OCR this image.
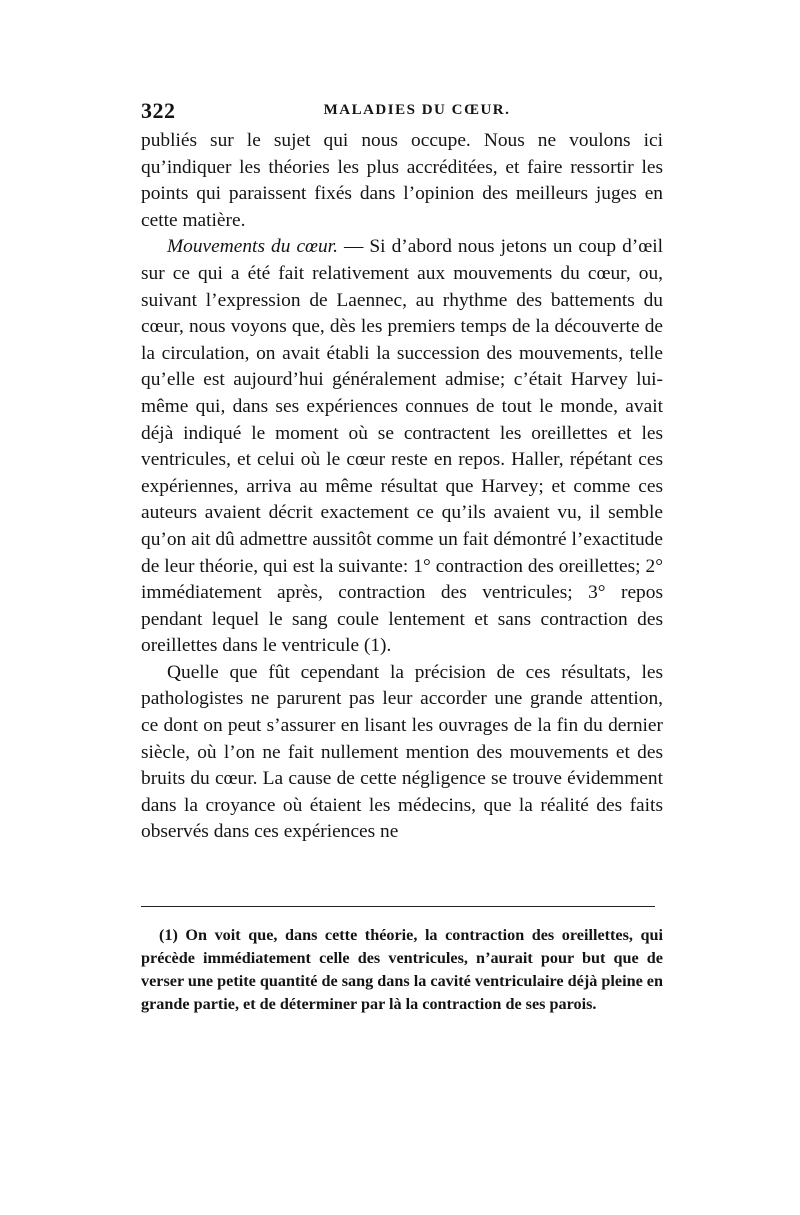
322	MALADIES DU CŒUR.

publiés sur le sujet qui nous occupe. Nous ne voulons ici qu’indiquer les théories les plus accréditées, et faire ressortir les points qui paraissent fixés dans l’opinion des meilleurs juges en cette matière.

Mouvements du cœur. — Si d’abord nous jetons un coup d’œil sur ce qui a été fait relativement aux mouvements du cœur, ou, suivant l’expression de Laennec, au rhythme des battements du cœur, nous voyons que, dès les premiers temps de la découverte de la circulation, on avait établi la succession des mouvements, telle qu’elle est aujourd’hui généralement admise; c’était Harvey lui-même qui, dans ses expériences connues de tout le monde, avait déjà indiqué le moment où se contractent les oreillettes et les ventricules, et celui où le cœur reste en repos. Haller, répétant ces expériennes, arriva au même résultat que Harvey; et comme ces auteurs avaient décrit exactement ce qu’ils avaient vu, il semble qu’on ait dû admettre aussitôt comme un fait démontré l’exactitude de leur théorie, qui est la suivante: 1° contraction des oreillettes; 2° immédiatement après, contraction des ventricules; 3° repos pendant lequel le sang coule lentement et sans contraction des oreillettes dans le ventricule (1).

Quelle que fût cependant la précision de ces résultats, les pathologistes ne parurent pas leur accorder une grande attention, ce dont on peut s’assurer en lisant les ouvrages de la fin du dernier siècle, où l’on ne fait nullement mention des mouvements et des bruits du cœur. La cause de cette négligence se trouve évidemment dans la croyance où étaient les médecins, que la réalité des faits observés dans ces expériences ne

(1) On voit que, dans cette théorie, la contraction des oreillettes, qui précède immédiatement celle des ventricules, n’aurait pour but que de verser une petite quantité de sang dans la cavité ventriculaire déjà pleine en grande partie, et de déterminer par là la contraction de ses parois.
